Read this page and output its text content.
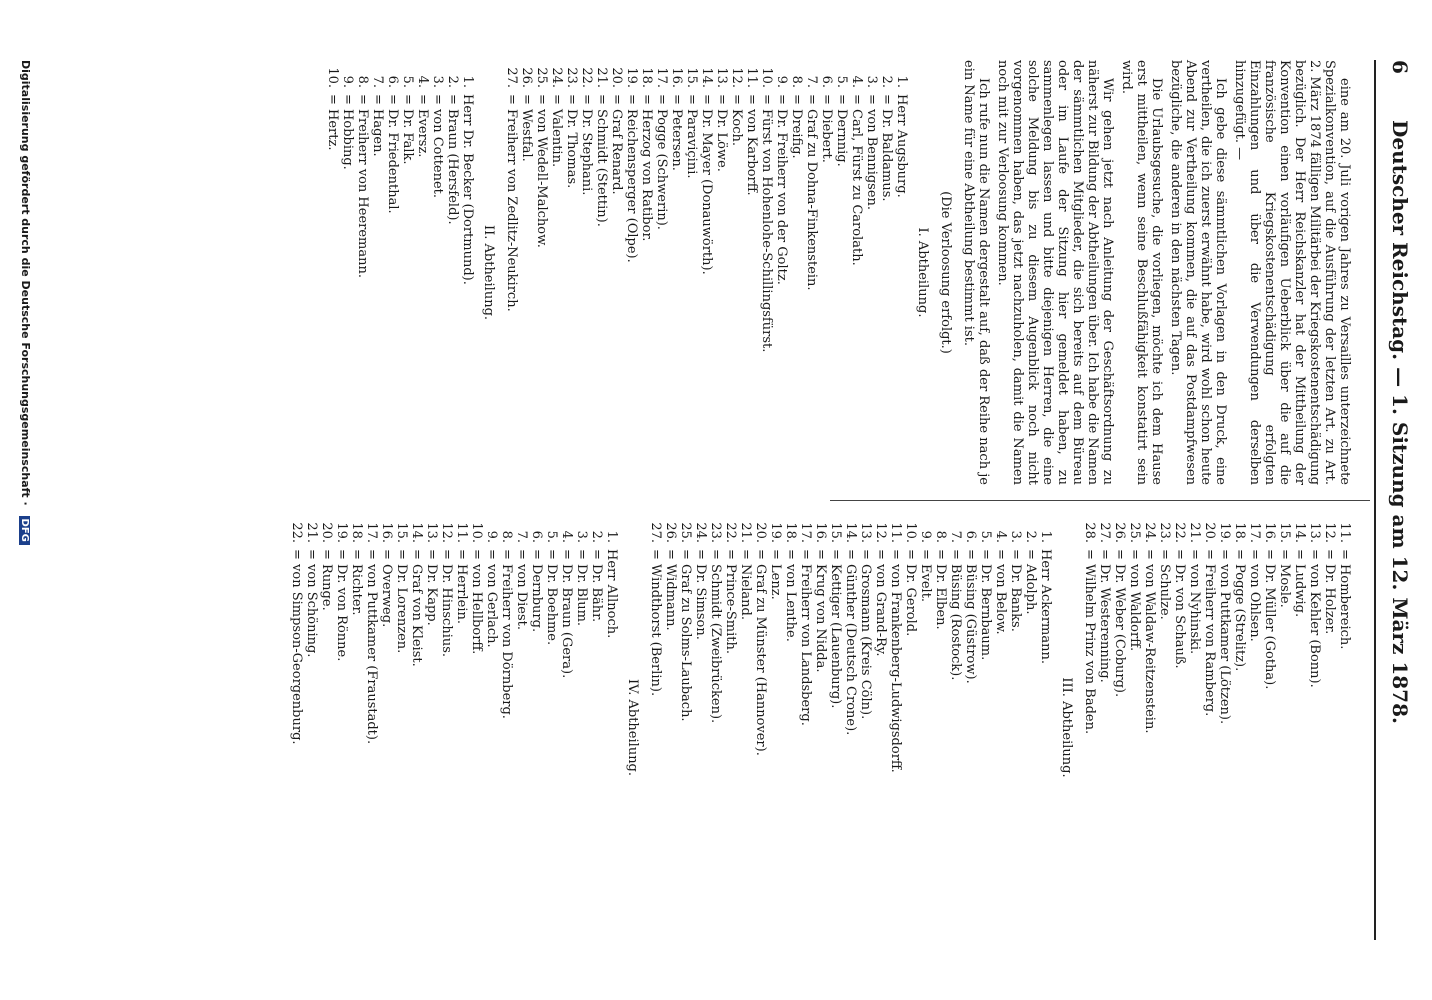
6
Deutscher Reichstag. — 1. Sitzung am 12. März 1878.

eine am 20. Juli vorigen Jahres zu Versailles unterzeichnete Spezialkonvention, auf die Ausführung der letzten Art. zu Art. 2. März 1874 fälligen Militärbei der Kriegskostenentschädigung bezüglich. Der Herr Reichskanzler hat der Mittheilung der Konvention einen vorläufigen Ueberblick über die auf die französische Kriegskostenentschädigung erfolgten Einzahlungen und über die Verwendungen derselben hinzugefügt. —

Ich gebe diese sämmtlichen Vorlagen in den Druck, eine vertheilen, die ich zuerst erwähnt habe, wird wohl schon heute Abend zur Vertheilung kommen, die auf das Postdampfwesen bezügliche, die anderen in den nächsten Tagen.

Die Urlaubsgesuche, die vorliegen, möchte ich dem Hause erst mittheilen, wenn seine Beschlußfähigkeit konstatirt sein wird.

Wir gehen jetzt nach Anleitung der Geschäftsordnung zu näherst zur Bildung der Abtheilungen über. Ich habe die Namen der sämmtlichen Mitglieder, die sich bereits auf dem Büreau oder im Laufe der Sitzung hier gemeldet haben, zu sammenlegen lassen und bitte diejenigen Herren, die eine solche Meldung bis zu diesem Augenblick noch nicht vorgenommen haben, das jetzt nachzuholen, damit die Namen noch mit zur Verloosung kommen.

Ich rufe nun die Namen dergestalt auf, daß der Reihe nach je ein Name für eine Abtheilung bestimmt ist.

(Die Verloosung erfolgt.)
I. Abtheilung.
1.
Herr Augsburg.
2.
= Dr. Baldamus.
3.
= von Bennigsen.
4.
= Carl, Fürst zu Carolath.
5.
= Dernnig.
6.
= Diebert.
7.
= Graf zu Dohna-Finkenstein.
8.
= Dreifig.
9.
= Dr. Freiherr von der Goltz.
10.
= Fürst von Hohenlohe-Schillingsfürst.
11.
= von Karborff.
12.
= Koch.
13.
= Dr. Löwe.
14.
= Dr. Mayer (Donauwörth).
15.
= Paraviçini.
16.
= Petersen.
17.
= Pogge (Schwerin).
18.
= Herzog von Ratibor.
19.
= Reichensperger (Olpe).
20.
= Graf Renard.
21.
= Schmidt (Stettin).
22.
= Dr. Stephani.
23.
= Dr. Thomas.
24.
= Valentin.
25.
= von Wedell-Malchow.
26.
= Westfal.
27.
= Freiherr von Zedlitz-Neukirch.
II. Abtheilung.
1.
Herr Dr. Becker (Dortmund).
2.
= Braun (Hersfeld).
3.
= von Cottenet.
4.
= Eversz.
5.
= Dr. Falk.
6.
= Dr. Friedenthal.
7.
= Hagen.
8.
= Freiherr von Heeremann.
9.
= Hobbing.
10.
= Hertz.
11.
= Hombereich.
12.
= Dr. Holzer.
13.
= von Kehler (Bonn).
14.
= Ludwig.
15.
= Mosle.
16.
= Dr. Müller (Gotha).
17.
= von Ohlsen.
18.
= Pogge (Strelitz).
19.
= von Puttkamer (Lötzen).
20.
= Freiherr von Ramberg.
21.
= von Nyhinski.
22.
= Dr. von Schauß.
23.
= Schulze.
24.
= von Waldaw-Reitzenstein.
25.
= von Waldorff.
26.
= Dr. Weber (Coburg).
27.
= Dr. Westerenning.
28.
= Wilhelm Prinz von Baden.
III. Abtheilung.
1.
Herr Ackermann.
2.
= Adolph.
3.
= Dr. Banks.
4.
= von Below.
5.
= Dr. Bernbaum.
6.
= Büsing (Güstrow).
7.
= Büsing (Rostock).
8.
= Dr. Elben.
9.
= Evelt.
10.
= Dr. Gerold.
11.
= von Frankenberg-Ludwigsdorff.
12.
= von Grand-Ry.
13.
= Grosmann (Kreis Cöln).
14.
= Günther (Deutsch Crone).
15.
= Kettiger (Lauenburg).
16.
= Krug von Nidda.
17.
= Freiherr von Landsberg.
18.
= von Lenthe.
19.
= Lenz.
20.
= Graf zu Münster (Hannover).
21.
= Nieland.
22.
= Prince-Smith.
23.
= Schmidt (Zweibrücken).
24.
= Dr. Simson.
25.
= Graf zu Solms-Laubach.
26.
= Widmann.
27.
= Windthorst (Berlin).
IV. Abtheilung.
1.
Herr Allnoch.
2.
= Dr. Bähr.
3.
= Dr. Blum.
4.
= Dr. Braun (Gera).
5.
= Dr. Boehme.
6.
= Dernburg.
7.
= von Diest.
8.
= Freiherr von Dörnberg.
9.
= von Gerlach.
10.
= von Hellborff.
11.
= Herrlein.
12.
= Dr. Hinschius.
13.
= Dr. Kapp.
14.
= Graf von Kleist.
15.
= Dr. Lorenzen.
16.
= Overweg.
17.
= von Puttkamer (Fraustadt).
18.
= Richter.
19.
= Dr. von Rönne.
20.
= Runge.
21.
= von Schöning.
22.
= von Simpson-Georgenburg.
Digitalisierung gefördert durch die Deutsche Forschungsgemeinschaft · DFG
